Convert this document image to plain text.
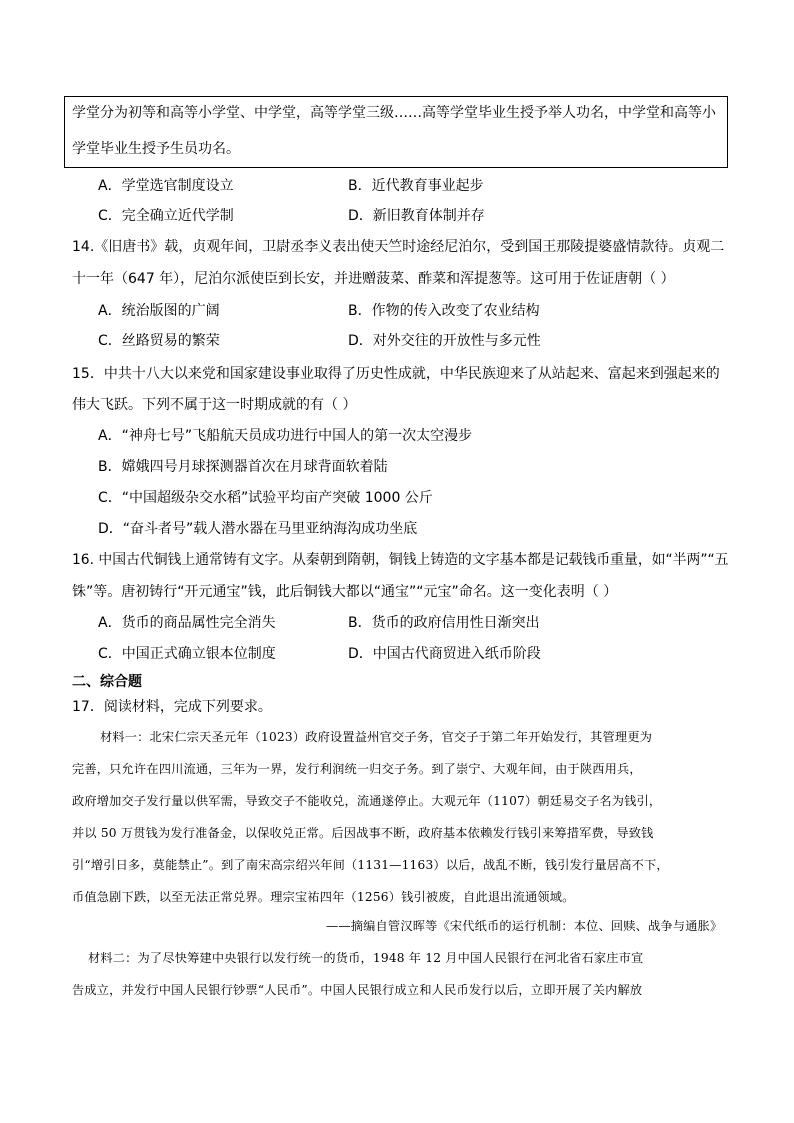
学堂分为初等和高等小学堂、中学堂，高等学堂三级……高等学堂毕业生授予举人功名，中学堂和高等小
学堂毕业生授予生员功名。
A．学堂选官制度设立	B．近代教育事业起步
C．完全确立近代学制	D．新旧教育体制并存
14.《旧唐书》载，贞观年间，卫尉丞李义表出使天竺时途经尼泊尔，受到国王那陵提婆盛情款待。贞观二
十一年（647 年），尼泊尔派使臣到长安，并进赠菠菜、酢菜和浑提葱等。这可用于佐证唐朝（ ）
A．统治版图的广阔	B．作物的传入改变了农业结构
C．丝路贸易的繁荣	D．对外交往的开放性与多元性
15．中共十八大以来党和国家建设事业取得了历史性成就，中华民族迎来了从站起来、富起来到强起来的
伟大飞跃。下列不属于这一时期成就的有（ ）
A．“神舟七号”飞船航天员成功进行中国人的第一次太空漫步
B．嫦娥四号月球探测器首次在月球背面软着陆
C．“中国超级杂交水稻”试验平均亩产突破 1000 公斤
D．“奋斗者号”载人潜水器在马里亚纳海沟成功坐底
16. 中国古代铜钱上通常铸有文字。从秦朝到隋朝，铜钱上铸造的文字基本都是记载钱币重量，如“半两”“五
铢”等。唐初铸行“开元通宝”钱，此后铜钱大都以“通宝”“元宝”命名。这一变化表明（ ）
A．货币的商品属性完全消失	B．货币的政府信用性日渐突出
C．中国正式确立银本位制度	D．中国古代商贸进入纸币阶段
二、综合题
17．阅读材料，完成下列要求。
材料一：北宋仁宗天圣元年（1023）政府设置益州官交子务，官交子于第二年开始发行，其管理更为
完善，只允许在四川流通，三年为一界，发行利润统一归交子务。到了崇宁、大观年间，由于陕西用兵，
政府增加交子发行量以供军需，导致交子不能收兑，流通遂停止。大观元年（1107）朝廷易交子名为钱引，
并以 50 万贯钱为发行准备金，以保收兑正常。后因战事不断，政府基本依赖发行钱引来筹措军费，导致钱
引“增引日多，莫能禁止”。到了南宋高宗绍兴年间（1131—1163）以后，战乱不断，钱引发行量居高不下，
币值急剧下跌，以至无法正常兑界。理宗宝祐四年（1256）钱引被废，自此退出流通领域。
——摘编自管汉晖等《宋代纸币的运行机制：本位、回赎、战争与通胀》
材料二：为了尽快筹建中央银行以发行统一的货币，1948 年 12 月中国人民银行在河北省石家庄市宣
告成立，并发行中国人民银行钞票“人民币”。中国人民银行成立和人民币发行以后，立即开展了关内解放
